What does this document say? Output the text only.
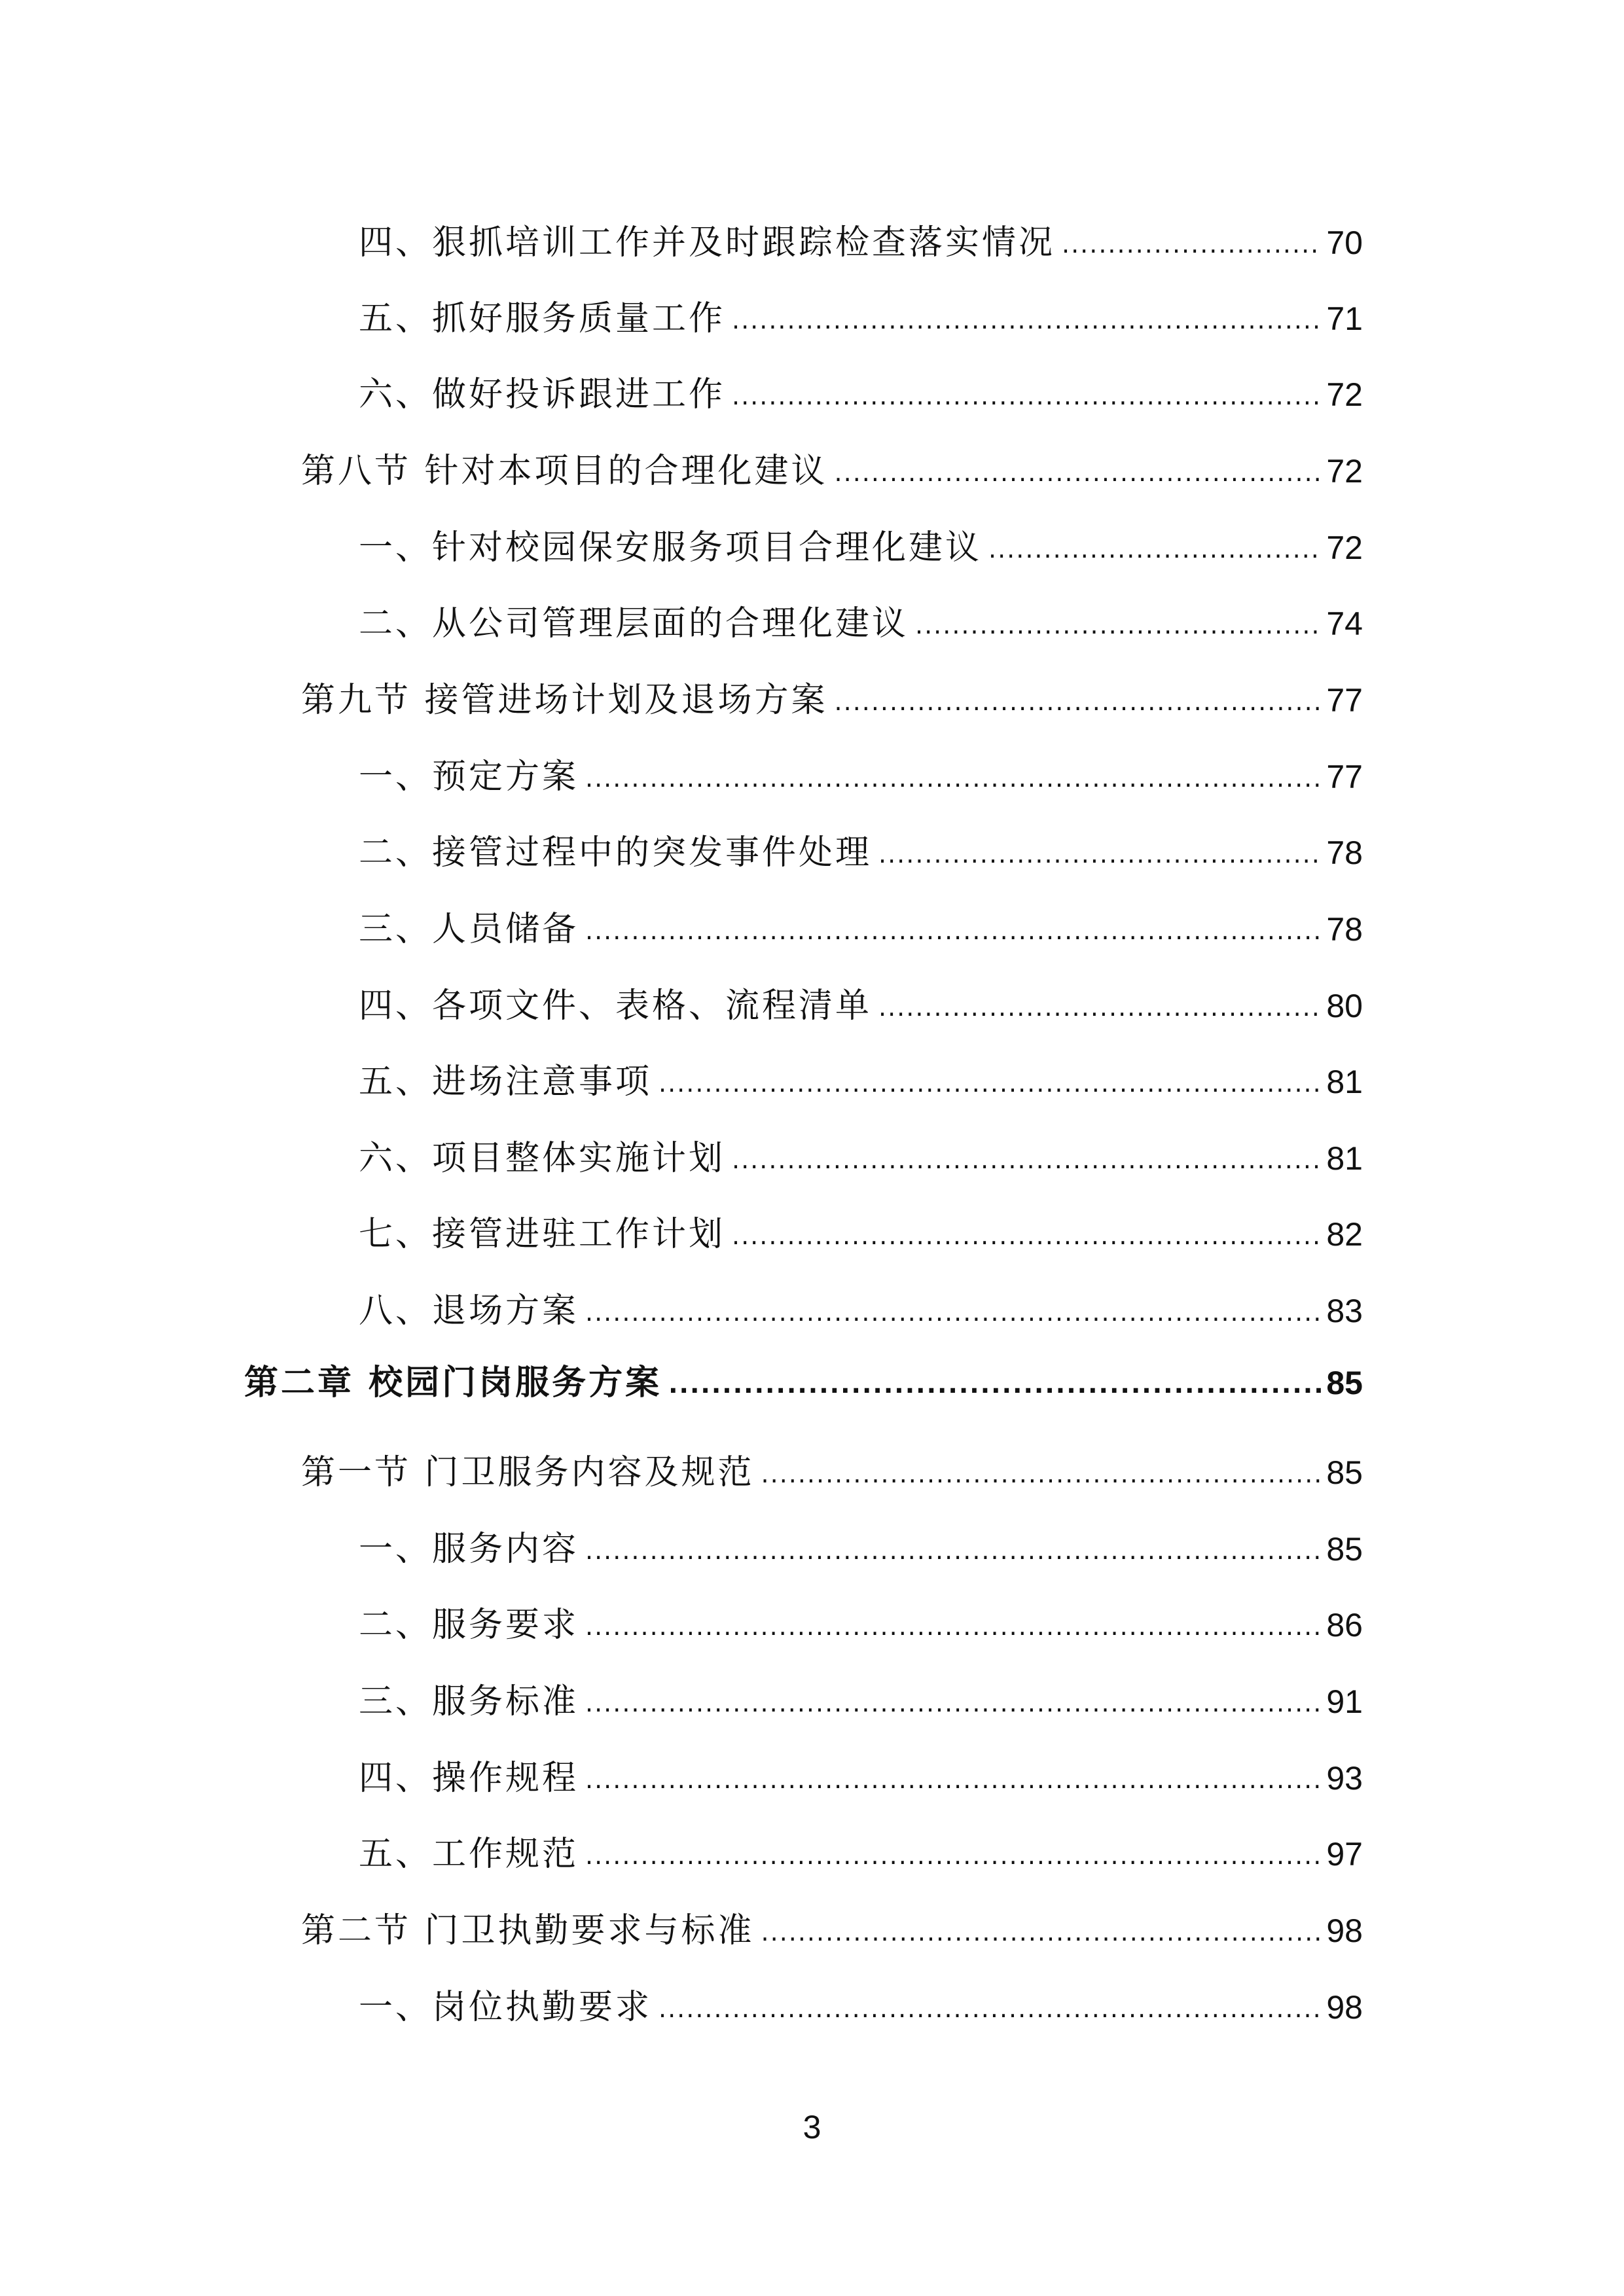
四、狠抓培训工作并及时跟踪检查落实情况 .....	70
五、抓好服务质量工作 .....	71
六、做好投诉跟进工作 .....	72
第八节 针对本项目的合理化建议 .....	72
一、针对校园保安服务项目合理化建议 .....	72
二、从公司管理层面的合理化建议 .....	74
第九节 接管进场计划及退场方案 .....	77
一、预定方案 .....	77
二、接管过程中的突发事件处理 .....	78
三、人员储备 .....	78
四、各项文件、表格、流程清单 .....	80
五、进场注意事项 .....	81
六、项目整体实施计划 .....	81
七、接管进驻工作计划 .....	82
八、退场方案 .....	83
第二章 校园门岗服务方案 .....	85
第一节 门卫服务内容及规范 .....	85
一、服务内容 .....	85
二、服务要求 .....	86
三、服务标准 .....	91
四、操作规程 .....	93
五、工作规范 .....	97
第二节 门卫执勤要求与标准 .....	98
一、岗位执勤要求 .....	98
3
